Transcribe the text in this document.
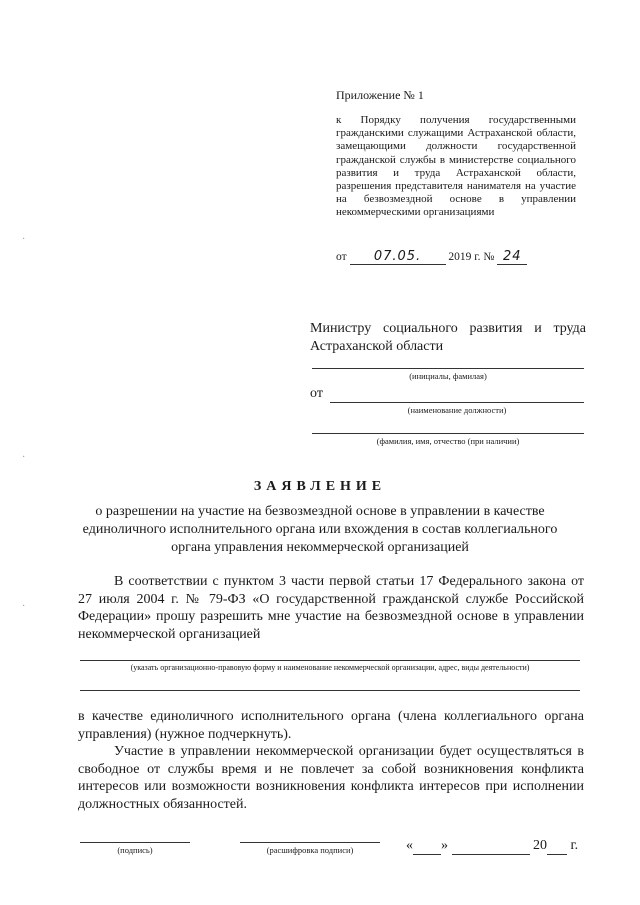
Приложение № 1
к Порядку получения государственными гражданскими служащими Астраханской области, замещающими должности государственной гражданской службы в министерстве социального развития и труда Астраханской области, разрешения представителя нанимателя на участие на безвозмездной основе в управлении некоммерческими организациями
от 07.05. 2019 г. № 24
Министру социального развития и труда Астраханской области
(инициалы, фамилая)
от
(наименование должности)
(фамилия, имя, отчество (при наличии)
ЗАЯВЛЕНИЕ
о разрешении на участие на безвозмездной основе в управлении в качестве единоличного исполнительного органа или вхождения в состав коллегиального органа управления некоммерческой организацией
В соответствии с пунктом 3 части первой статьи 17 Федерального закона от 27 июля 2004 г. № 79-ФЗ «О государственной гражданской службе Российской Федерации» прошу разрешить мне участие на безвозмездной основе в управлении некоммерческой организацией
(указать организационно-правовую форму и наименование некоммерческой организации, адрес, виды деятельности)
в качестве единоличного исполнительного органа (члена коллегиального органа управления) (нужное подчеркнуть).
Участие в управлении некоммерческой организации будет осуществляться в свободное от службы время и не повлечет за собой возникновения конфликта интересов или возможности возникновения конфликта интересов при исполнении должностных обязанностей.
(подпись)	(расшифровка подписи)	« »	20 г.
·
·
·
